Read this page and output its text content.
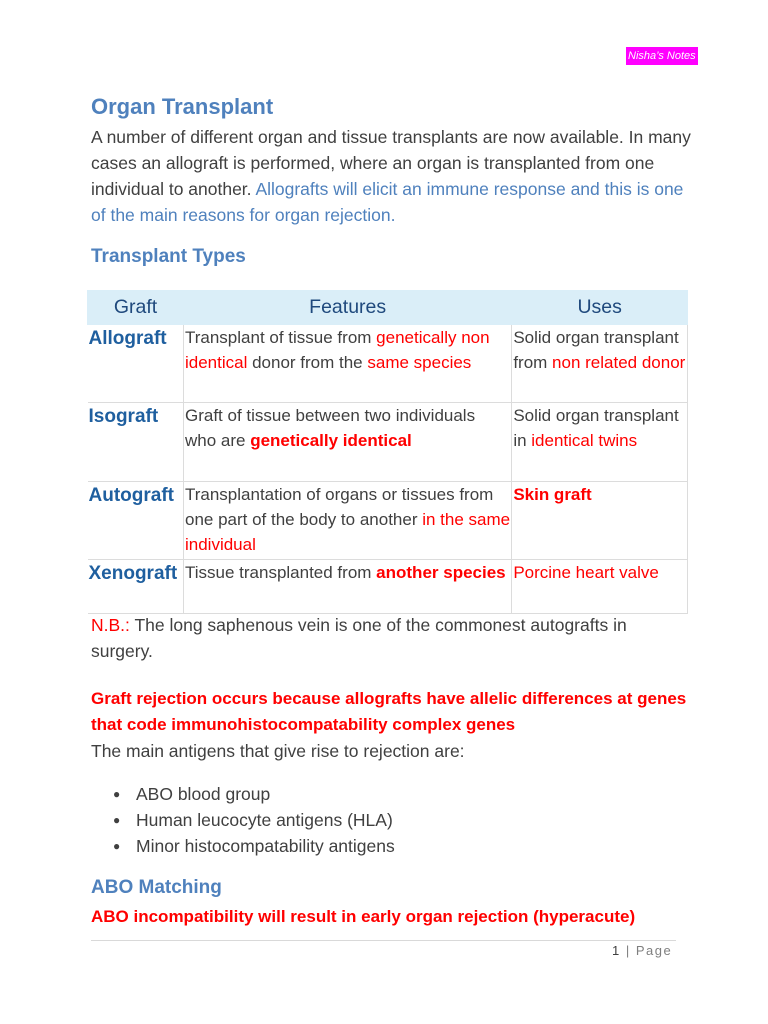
Nisha’s Notes
Organ Transplant

A number of different organ and tissue transplants are now available. In many cases an allograft is performed, where an organ is transplanted from one individual to another. Allografts will elicit an immune response and this is one of the main reasons for organ rejection.

Transplant Types
Graft	Features	Uses
Allograft	Transplant of tissue from genetically non identical donor from the same species	Solid organ transplant from non related donor
Isograft	Graft of tissue between two individuals who are genetically identical	Solid organ transplant in identical twins
Autograft	Transplantation of organs or tissues from one part of the body to another in the same individual	Skin graft
Xenograft	Tissue transplanted from another species	Porcine heart valve

N.B.: The long saphenous vein is one of the commonest autografts in surgery.

Graft rejection occurs because allografts have allelic differences at genes that code immunohistocompatability complex genes

The main antigens that give rise to rejection are:

● ABO blood group
● Human leucocyte antigens (HLA)
● Minor histocompatability antigens
ABO Matching

ABO incompatibility will result in early organ rejection (hyperacute)

1 | Page
